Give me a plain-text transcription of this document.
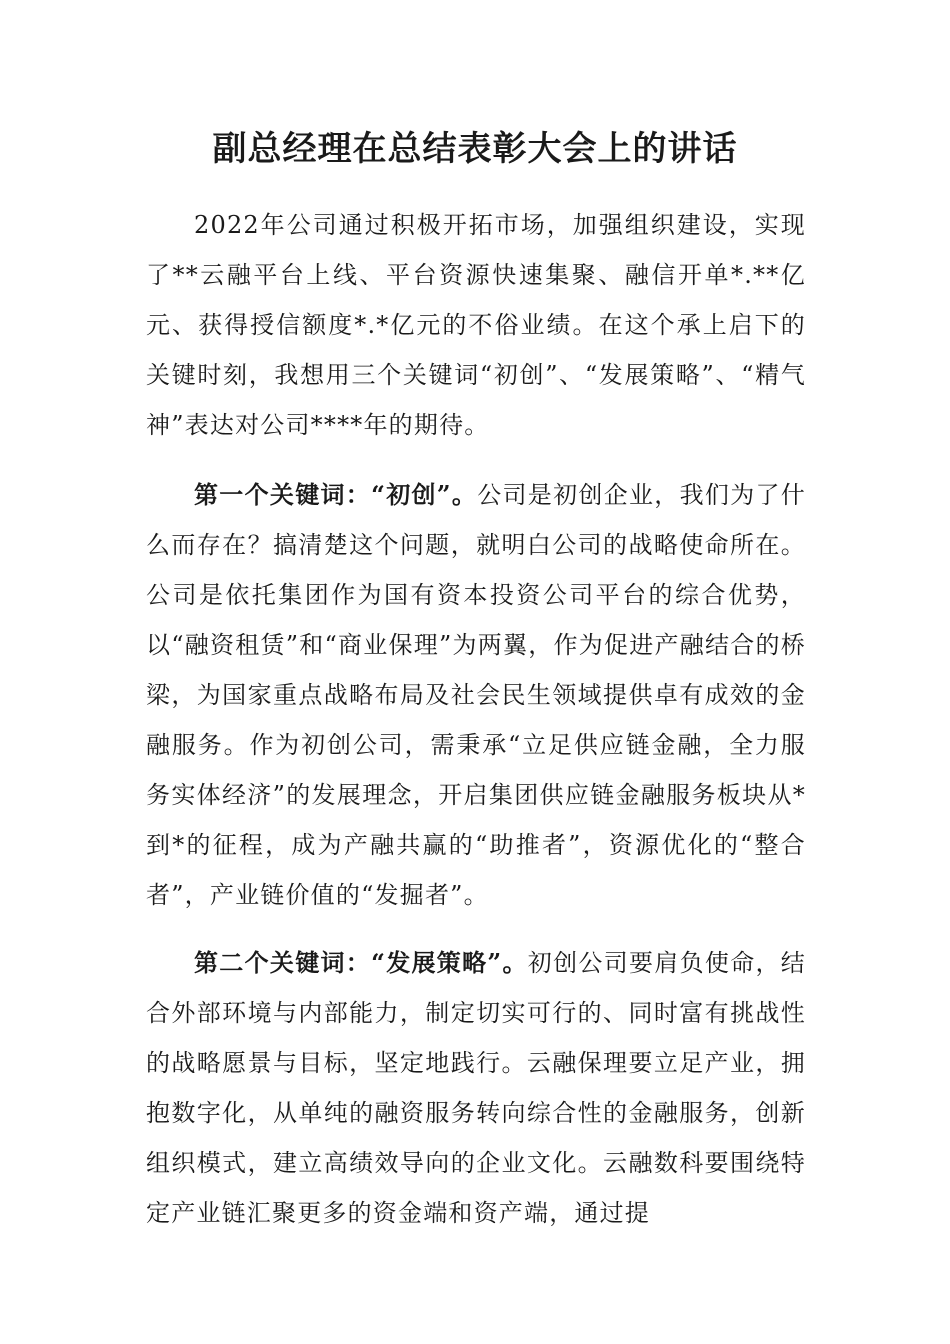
副总经理在总结表彰大会上的讲话

2022年公司通过积极开拓市场，加强组织建设，实现了**云融平台上线、平台资源快速集聚、融信开单*.**亿元、获得授信额度*.*亿元的不俗业绩。在这个承上启下的关键时刻，我想用三个关键词“初创”、“发展策略”、“精气神”表达对公司****年的期待。

第一个关键词：“初创”。公司是初创企业，我们为了什么而存在？搞清楚这个问题，就明白公司的战略使命所在。公司是依托集团作为国有资本投资公司平台的综合优势，以“融资租赁”和“商业保理”为两翼，作为促进产融结合的桥梁，为国家重点战略布局及社会民生领域提供卓有成效的金融服务。作为初创公司，需秉承“立足供应链金融，全力服务实体经济”的发展理念，开启集团供应链金融服务板块从*到*的征程，成为产融共赢的“助推者”，资源优化的“整合者”，产业链价值的“发掘者”。

第二个关键词：“发展策略”。初创公司要肩负使命，结合外部环境与内部能力，制定切实可行的、同时富有挑战性的战略愿景与目标，坚定地践行。云融保理要立足产业，拥抱数字化，从单纯的融资服务转向综合性的金融服务，创新组织模式，建立高绩效导向的企业文化。云融数科要围绕特定产业链汇聚更多的资金端和资产端，通过提
